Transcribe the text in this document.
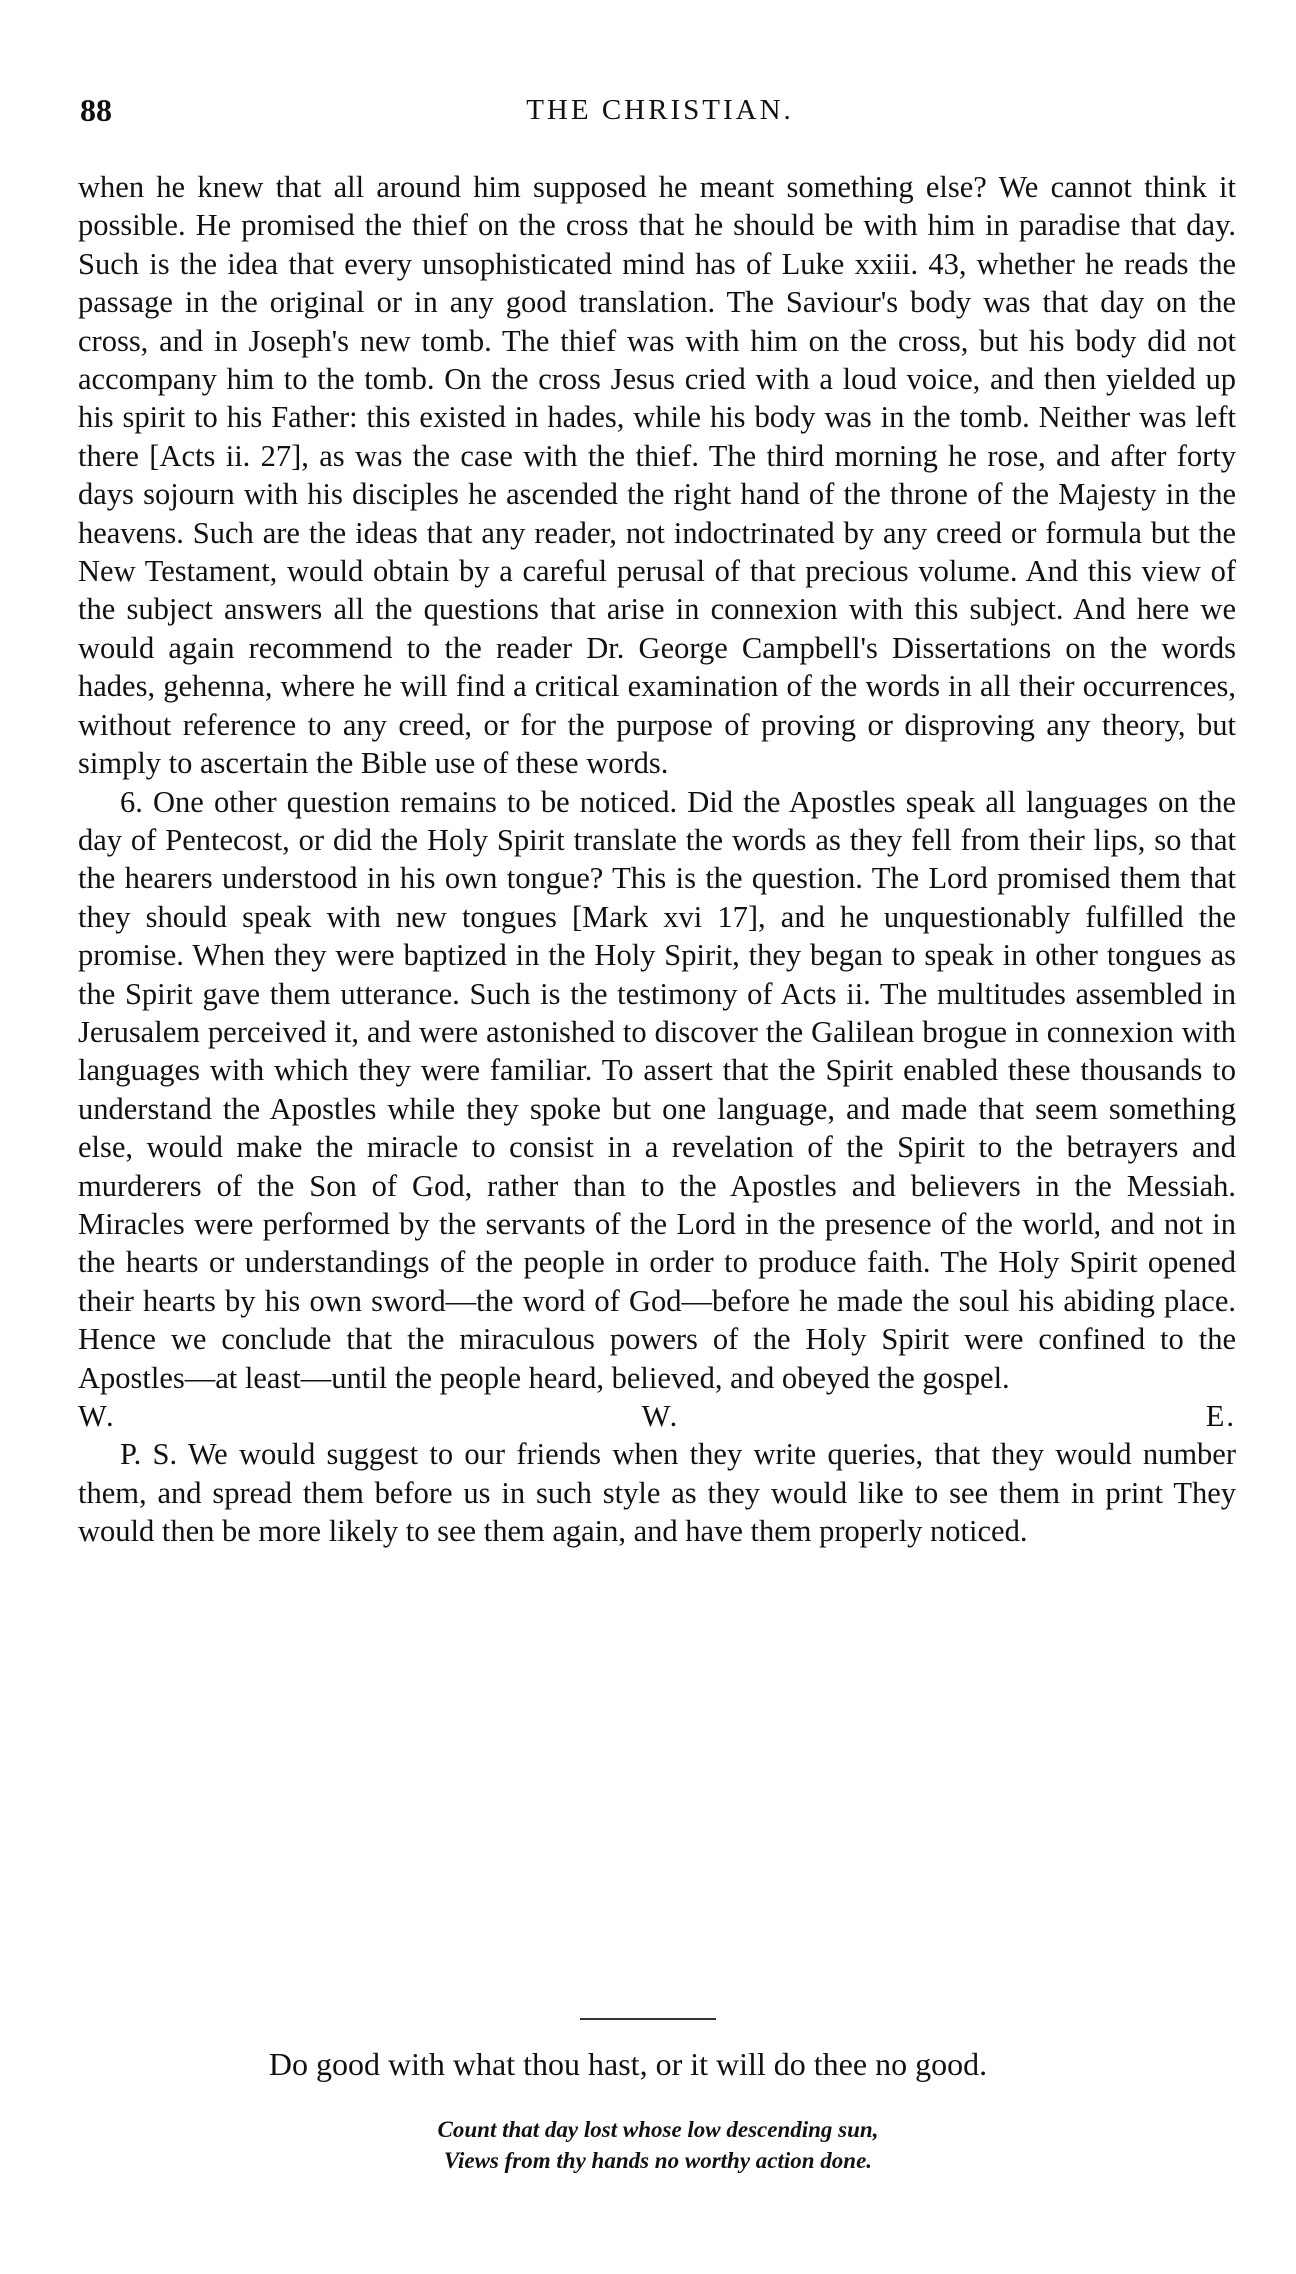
88	THE CHRISTIAN.

when he knew that all around him supposed he meant something else? We cannot think it possible. He promised the thief on the cross that he should be with him in paradise that day. Such is the idea that every unsophisticated mind has of Luke xxiii. 43, whether he reads the passage in the original or in any good translation. The Saviour's body was that day on the cross, and in Joseph's new tomb. The thief was with him on the cross, but his body did not accompany him to the tomb. On the cross Jesus cried with a loud voice, and then yielded up his spirit to his Father: this existed in hades, while his body was in the tomb. Neither was left there [Acts ii. 27], as was the case with the thief. The third morning he rose, and after forty days sojourn with his disciples he ascended the right hand of the throne of the Majesty in the heavens. Such are the ideas that any reader, not indoctrinated by any creed or formula but the New Testament, would obtain by a careful perusal of that precious volume. And this view of the subject answers all the questions that arise in connexion with this subject. And here we would again recommend to the reader Dr. George Campbell's Dissertations on the words hades, gehenna, where he will find a critical examination of the words in all their occurrences, without reference to any creed, or for the purpose of proving or disproving any theory, but simply to ascertain the Bible use of these words.

6. One other question remains to be noticed. Did the Apostles speak all languages on the day of Pentecost, or did the Holy Spirit translate the words as they fell from their lips, so that the hearers understood in his own tongue? This is the question. The Lord promised them that they should speak with new tongues [Mark xvi 17], and he unquestionably fulfilled the promise. When they were baptized in the Holy Spirit, they began to speak in other tongues as the Spirit gave them utterance. Such is the testimony of Acts ii. The multitudes assembled in Jerusalem perceived it, and were astonished to discover the Galilean brogue in connexion with languages with which they were familiar. To assert that the Spirit enabled these thousands to understand the Apostles while they spoke but one language, and made that seem something else, would make the miracle to consist in a revelation of the Spirit to the betrayers and murderers of the Son of God, rather than to the Apostles and believers in the Messiah. Miracles were performed by the servants of the Lord in the presence of the world, and not in the hearts or understandings of the people in order to produce faith. The Holy Spirit opened their hearts by his own sword—the word of God—before he made the soul his abiding place. Hence we conclude that the miraculous powers of the Holy Spirit were confined to the Apostles—at least—until the people heard, believed, and obeyed the gospel.

W. W. E.

P. S. We would suggest to our friends when they write queries, that they would number them, and spread them before us in such style as they would like to see them in print They would then be more likely to see them again, and have them properly noticed.

Do good with what thou hast, or it will do thee no good.
Count that day lost whose low descending sun,
Views from thy hands no worthy action done.
